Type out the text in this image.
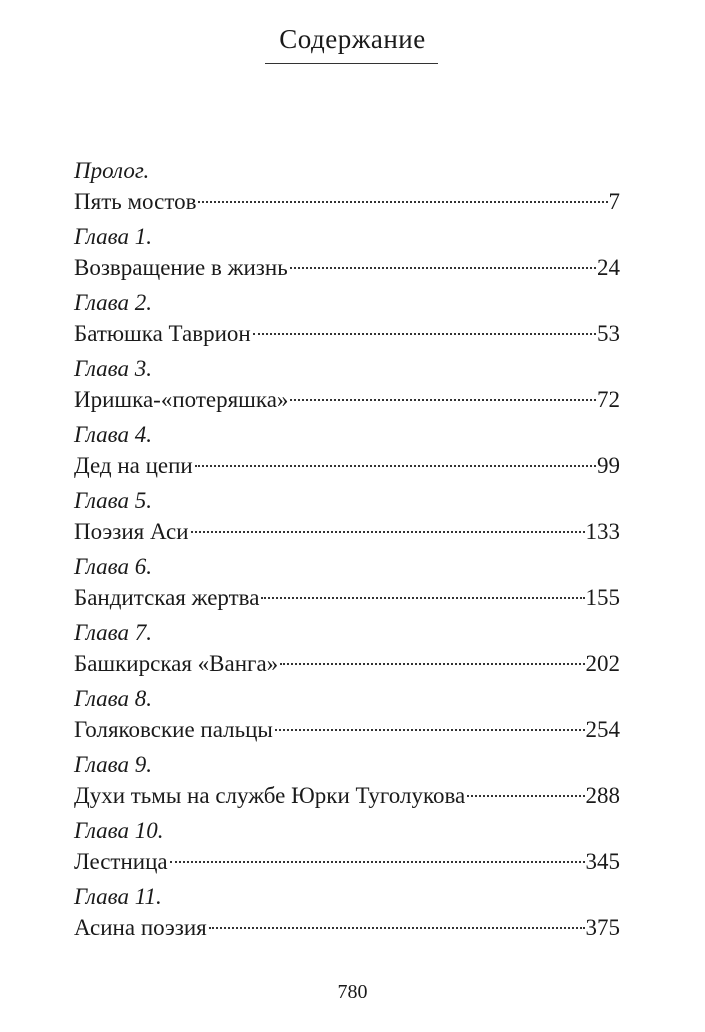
Содержание
Пролог.
Пять мостов	7
Глава 1.
Возвращение в жизнь	24
Глава 2.
Батюшка Таврион	53
Глава 3.
Иришка-«потеряшка»	72
Глава 4.
Дед на цепи	99
Глава 5.
Поэзия Аси	133
Глава 6.
Бандитская жертва	155
Глава 7.
Башкирская «Ванга»	202
Глава 8.
Голяковские пальцы	254
Глава 9.
Духи тьмы на службе Юрки Туголукова	288
Глава 10.
Лестница	345
Глава 11.
Асина поэзия	375
780
